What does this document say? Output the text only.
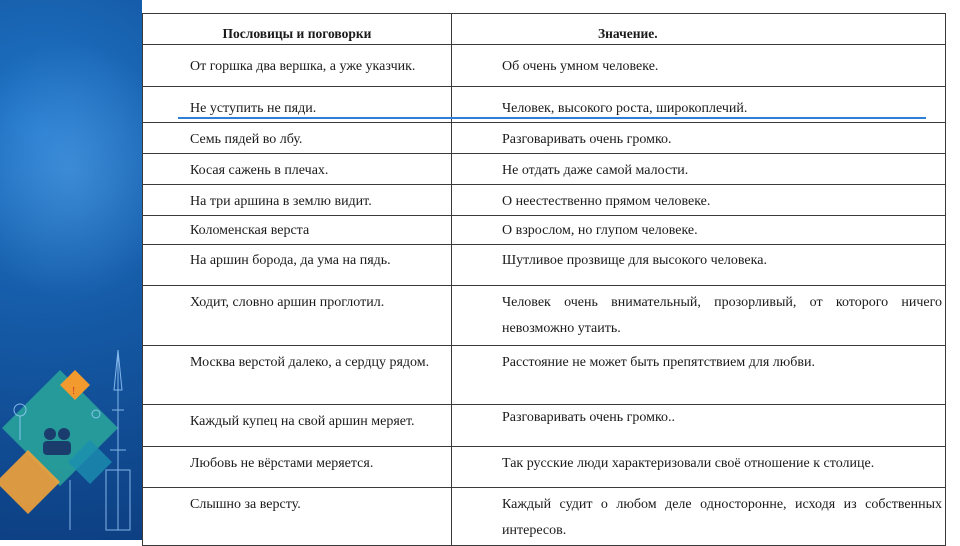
!
Пословицы и поговорки	Значение.

От горшка два вершка, а уже указчик.	Об очень умном человеке.

Не уступить не пяди.	Человек, высокого роста, широкоплечий.

Семь пядей во лбу.	Разговаривать очень громко.

Косая сажень в плечах.	Не отдать даже самой малости.

На три аршина в землю видит.	О неестественно прямом человеке.

Коломенская верста	О взрослом, но глупом человеке.

На аршин борода, да ума на пядь.	Шутливое прозвище для высокого человека.

Ходит, словно аршин проглотил.	Человек очень внимательный, прозорливый, от которого ничего невозможно утаить.

Москва верстой далеко, а сердцу рядом.	Расстояние не может быть препятствием для любви.

Каждый купец на свой аршин меряет.	Разговаривать очень громко..

Любовь не вёрстами меряется.	Так русские люди характеризовали своё отношение к столице.

Слышно за версту.	Каждый судит о любом деле односторонне, исходя из собственных интересов.
